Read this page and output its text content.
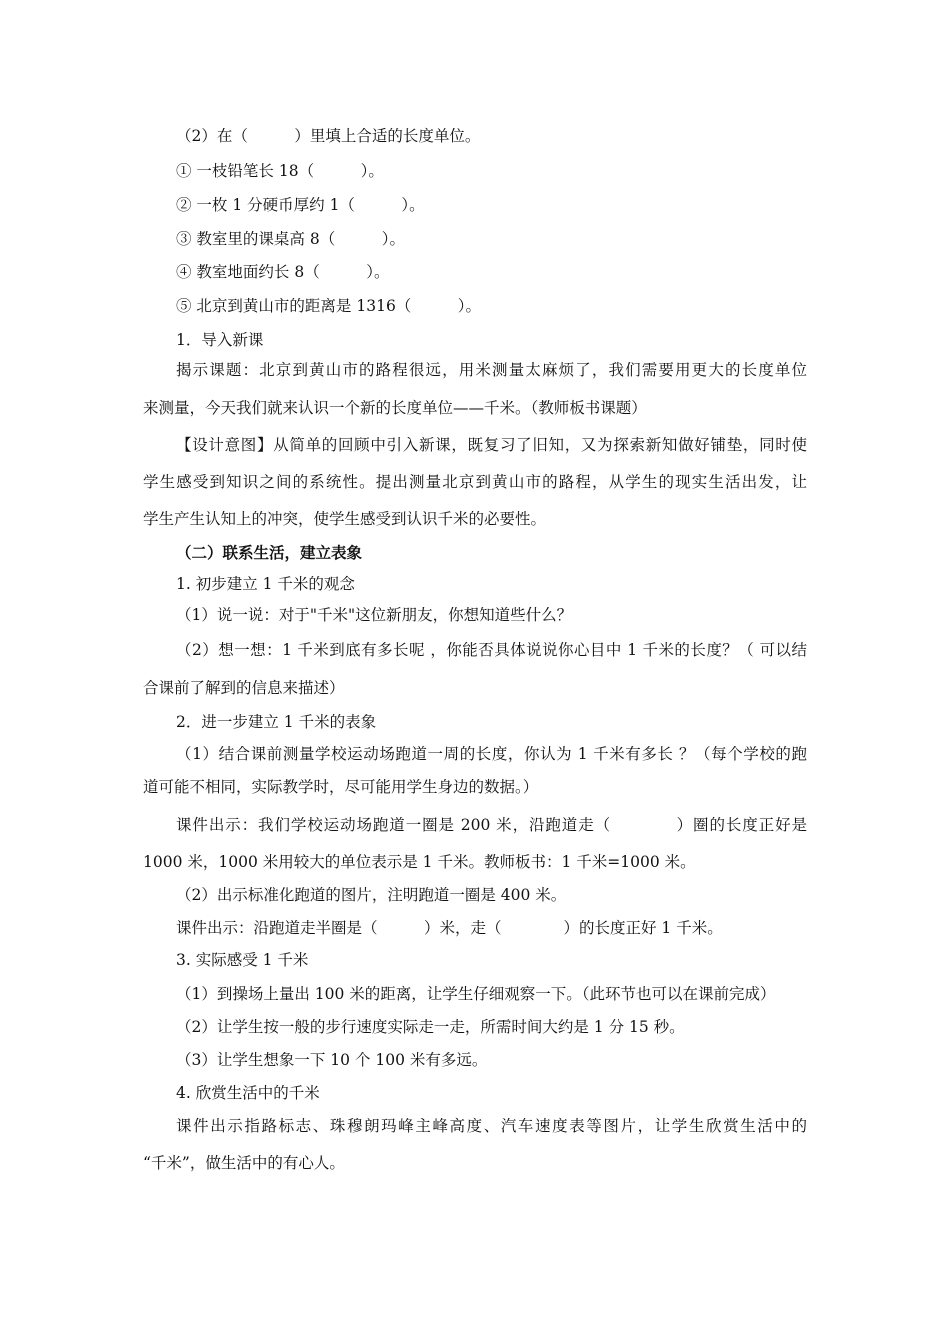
（2）在（　　　）里填上合适的长度单位。
① 一枝铅笔长 18（　　　）。
② 一枚 1 分硬币厚约 1（　　　）。
③ 教室里的课桌高 8（　　　）。
④ 教室地面约长 8（　　　）。
⑤ 北京到黄山市的距离是 1316（　　　）。
1．导入新课
揭示课题：北京到黄山市的路程很远，用米测量太麻烦了，我们需要用更大的长度单位
来测量，今天我们就来认识一个新的长度单位——千米。（教师板书课题）
【设计意图】从简单的回顾中引入新课，既复习了旧知，又为探索新知做好铺垫，同时使
学生感受到知识之间的系统性。提出测量北京到黄山市的路程，从学生的现实生活出发，让
学生产生认知上的冲突，使学生感受到认识千米的必要性。
（二）联系生活，建立表象
1. 初步建立 1 千米的观念
（1）说一说：对于"千米"这位新朋友，你想知道些什么？
（2）想一想：1 千米到底有多长呢 ，你能否具体说说你心目中 1 千米的长度？（ 可以结
合课前了解到的信息来描述）
2．进一步建立 1 千米的表象
（1）结合课前测量学校运动场跑道一周的长度，你认为 1 千米有多长 ？（每个学校的跑
道可能不相同，实际教学时，尽可能用学生身边的数据。）
课件出示：我们学校运动场跑道一圈是 200 米，沿跑道走（　　　　）圈的长度正好是
1000 米，1000 米用较大的单位表示是 1 千米。教师板书：1 千米=1000 米。
（2）出示标准化跑道的图片，注明跑道一圈是 400 米。
课件出示：沿跑道走半圈是（　　　）米，走（　　　　）的长度正好 1 千米。
3. 实际感受 1 千米
（1）到操场上量出 100 米的距离，让学生仔细观察一下。（此环节也可以在课前完成）
（2）让学生按一般的步行速度实际走一走，所需时间大约是 1 分 15 秒。
（3）让学生想象一下 10 个 100 米有多远。
4. 欣赏生活中的千米
课件出示指路标志、珠穆朗玛峰主峰高度、汽车速度表等图片，让学生欣赏生活中的
“千米”，做生活中的有心人。
